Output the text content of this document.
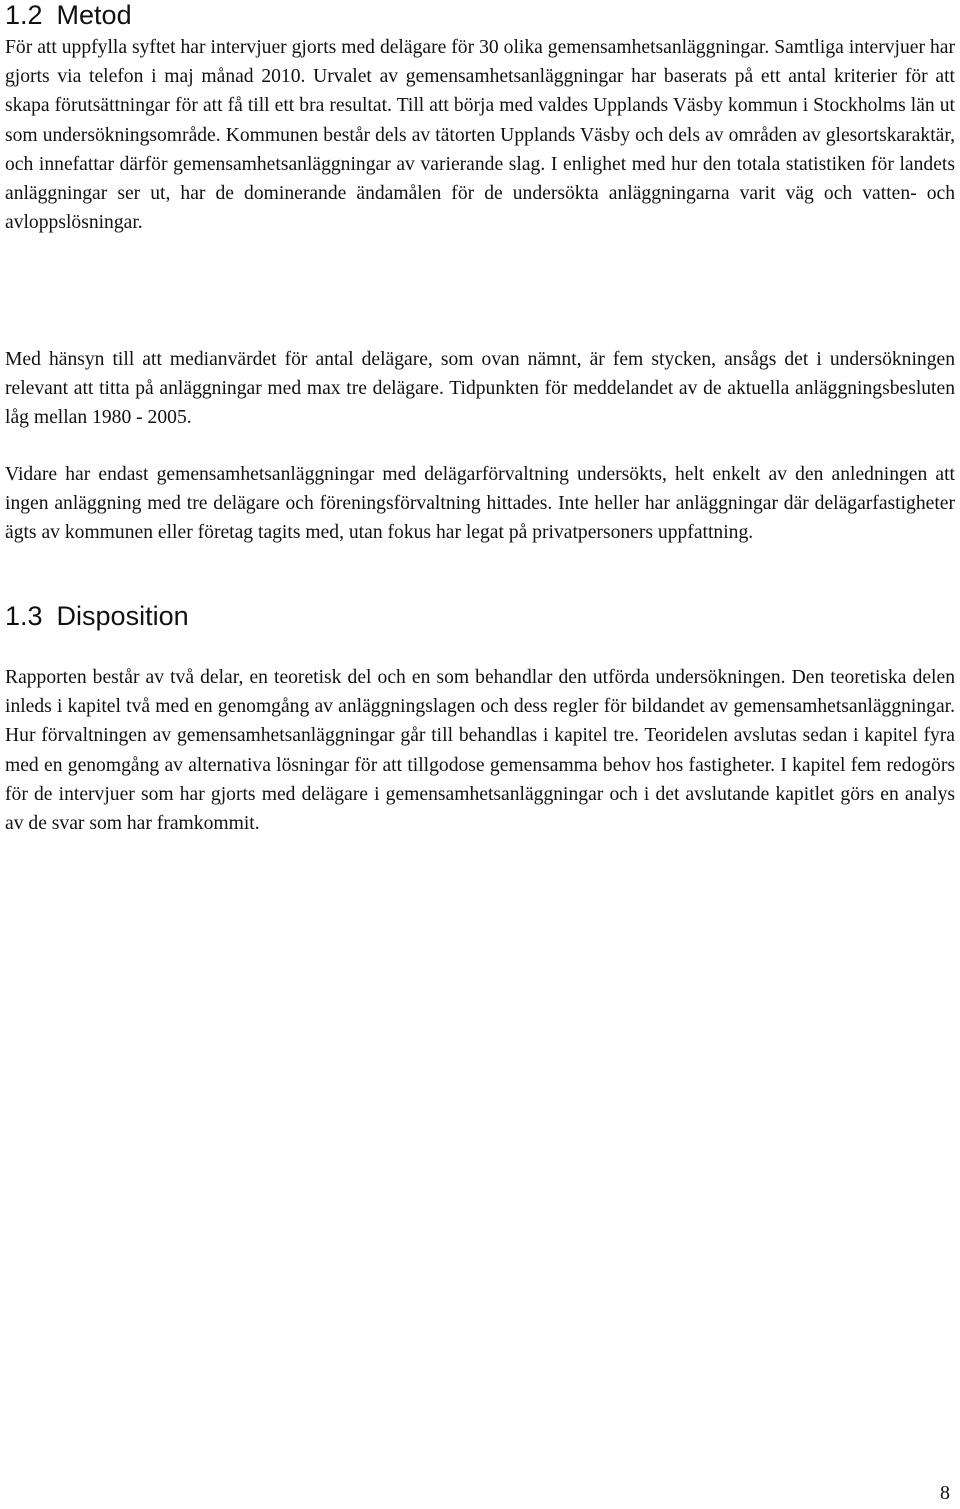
1.2 Metod

För att uppfylla syftet har intervjuer gjorts med delägare för 30 olika gemensamhetsanläggningar. Samtliga intervjuer har gjorts via telefon i maj månad 2010. Urvalet av gemensamhetsanläggningar har baserats på ett antal kriterier för att skapa förutsättningar för att få till ett bra resultat. Till att börja med valdes Upplands Väsby kommun i Stockholms län ut som undersökningsområde. Kommunen består dels av tätorten Upplands Väsby och dels av områden av glesortskaraktär, och innefattar därför gemensamhetsanläggningar av varierande slag. I enlighet med hur den totala statistiken för landets anläggningar ser ut, har de dominerande ändamålen för de undersökta anläggningarna varit väg och vatten- och avloppslösningar.

Med hänsyn till att medianvärdet för antal delägare, som ovan nämnt, är fem stycken, ansågs det i undersökningen relevant att titta på anläggningar med max tre delägare. Tidpunkten för meddelandet av de aktuella anläggningsbesluten låg mellan 1980 - 2005.

Vidare har endast gemensamhetsanläggningar med delägarförvaltning undersökts, helt enkelt av den anledningen att ingen anläggning med tre delägare och föreningsförvaltning hittades. Inte heller har anläggningar där delägarfastigheter ägts av kommunen eller företag tagits med, utan fokus har legat på privatpersoners uppfattning.

1.3 Disposition

Rapporten består av två delar, en teoretisk del och en som behandlar den utförda undersökningen. Den teoretiska delen inleds i kapitel två med en genomgång av anläggningslagen och dess regler för bildandet av gemensamhetsanläggningar. Hur förvaltningen av gemensamhetsanläggningar går till behandlas i kapitel tre. Teoridelen avslutas sedan i kapitel fyra med en genomgång av alternativa lösningar för att tillgodose gemensamma behov hos fastigheter. I kapitel fem redogörs för de intervjuer som har gjorts med delägare i gemensamhetsanläggningar och i det avslutande kapitlet görs en analys av de svar som har framkommit.

8
